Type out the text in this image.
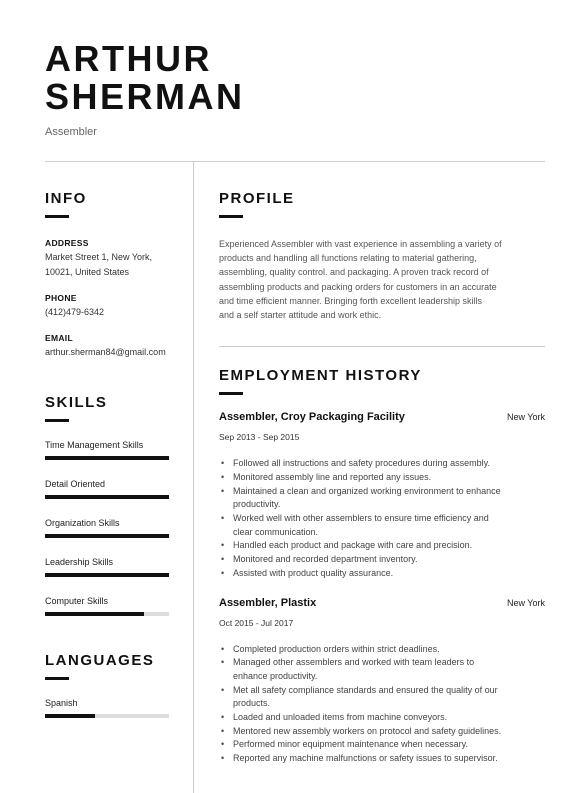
ARTHUR
SHERMAN
Assembler
INFO
ADDRESS
Market Street 1, New York,
10021, United States
PHONE
(412)479-6342
EMAIL
arthur.sherman84@gmail.com
SKILLS
Time Management Skills
Detail Oriented
Organization Skills
Leadership Skills
Computer Skills
LANGUAGES
Spanish
PROFILE
Experienced Assembler with vast experience in assembling a variety of
products and handling all functions relating to material gathering,
assembling, quality control. and packaging. A proven track record of
assembling products and packing orders for customers in an accurate
and time efficient manner. Bringing forth excellent leadership skills
and a self starter attitude and work ethic.
EMPLOYMENT HISTORY
Assembler, Croy Packaging Facility	New York
Sep 2013 - Sep 2015
• Followed all instructions and safety procedures during assembly.
• Monitored assembly line and reported any issues.
• Maintained a clean and organized working environment to enhance
productivity.
• Worked well with other assemblers to ensure time efficiency and
clear communication.
• Handled each product and package with care and precision.
• Monitored and recorded department inventory.
• Assisted with product quality assurance.
Assembler, Plastix	New York
Oct 2015 - Jul 2017
• Completed production orders within strict deadlines.
• Managed other assemblers and worked with team leaders to
enhance productivity.
• Met all safety compliance standards and ensured the quality of our
products.
• Loaded and unloaded items from machine conveyors.
• Mentored new assembly workers on protocol and safety guidelines.
• Performed minor equipment maintenance when necessary.
• Reported any machine malfunctions or safety issues to supervisor.
